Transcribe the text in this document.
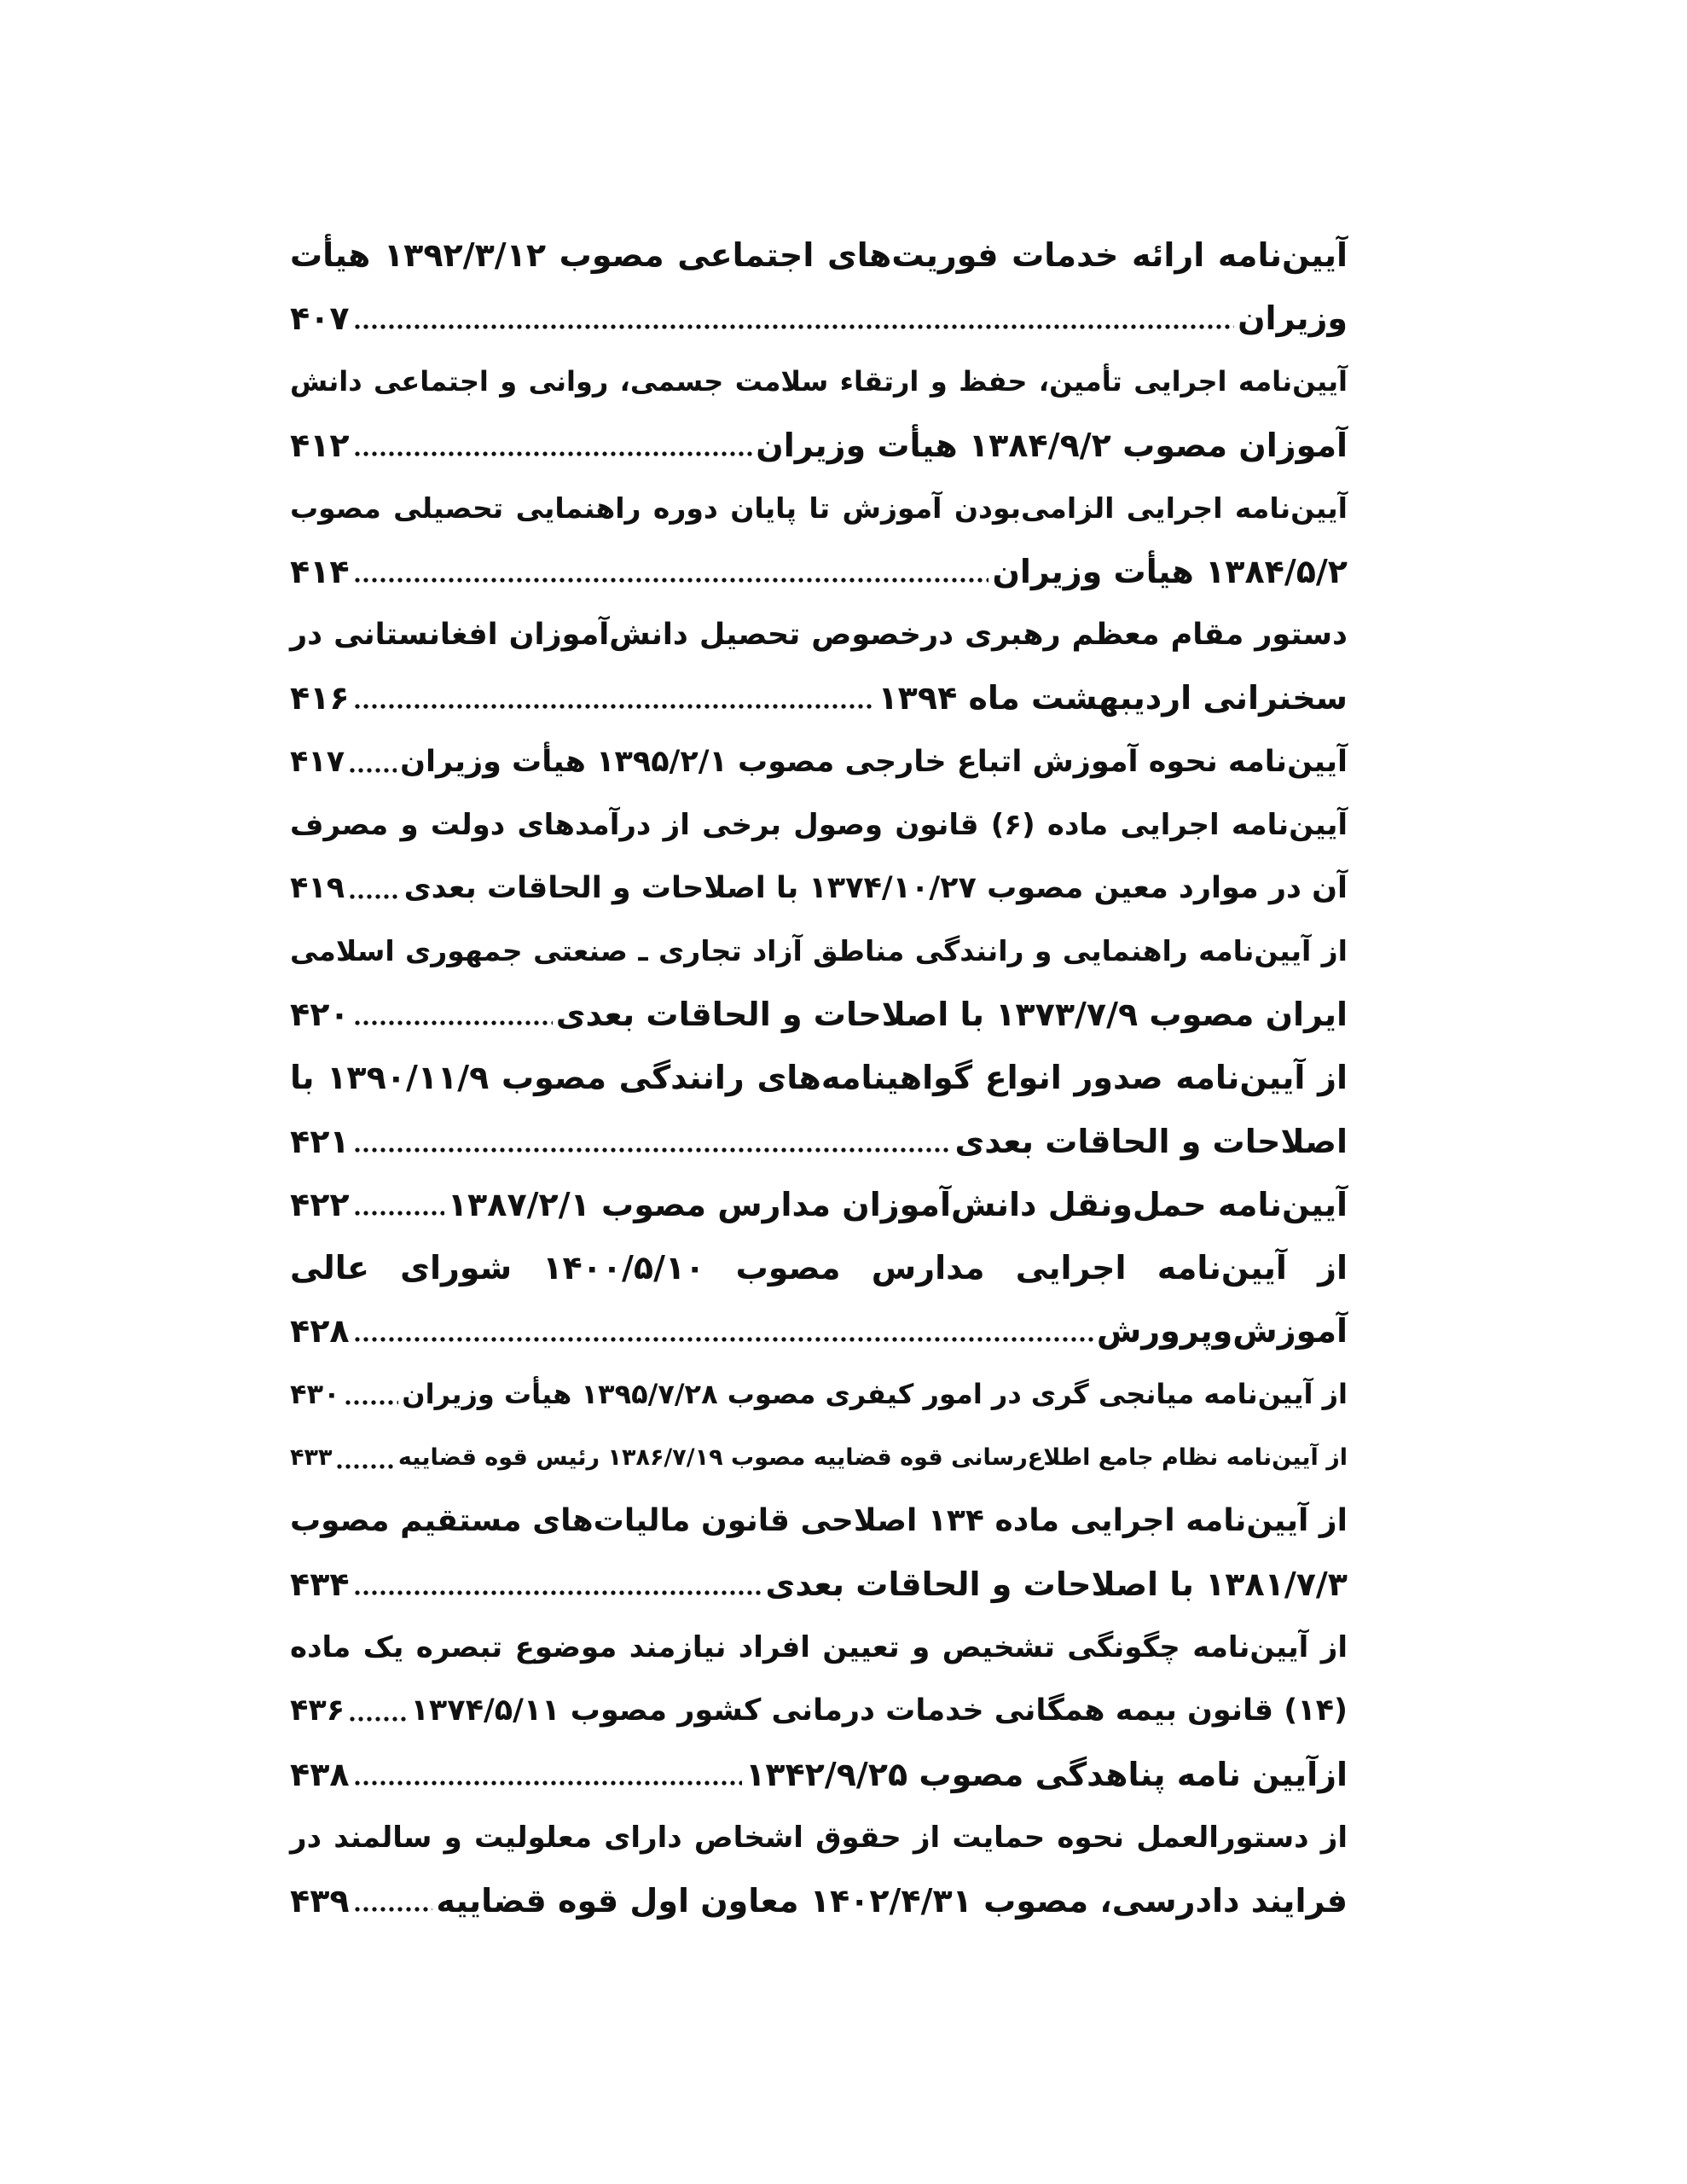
آیین‌نامه ارائه خدمات فوریت‌های اجتماعی مصوب ۱۳۹۲/۳/۱۲ هیأت
وزیران
۴۰۷
آیین‌نامه اجرایی تأمین، حفظ و ارتقاء سلامت جسمی، روانی و اجتماعی دانش
آموزان مصوب ۱۳۸۴/۹/۲ هیأت وزیران
۴۱۲
آیین‌نامه اجرایی الزامی‌بودن آموزش تا پایان دوره راهنمایی تحصیلی مصوب
۱۳۸۴/۵/۲ هیأت وزیران
۴۱۴
دستور مقام معظم رهبری درخصوص تحصیل دانش‌آموزان افغانستانی در
سخنرانی اردیبهشت ماه ۱۳۹۴
۴۱۶
آیین‌نامه نحوه آموزش اتباع خارجی مصوب ۱۳۹۵/۲/۱ هیأت وزیران
۴۱۷
آیین‌نامه اجرایی ماده (۶) قانون وصول برخی از درآمدهای دولت و مصرف
آن در موارد معین مصوب ۱۳۷۴/۱۰/۲۷ با اصلاحات و الحاقات بعدی
۴۱۹
از آیین‌نامه راهنمایی و رانندگی مناطق آزاد تجاری ـ صنعتی جمهوری اسلامی
ایران مصوب ۱۳۷۳/۷/۹ با اصلاحات و الحاقات بعدی
۴۲۰
از آیین‌نامه صدور انواع گواهینامه‌های رانندگی مصوب ۱۳۹۰/۱۱/۹ با
اصلاحات و الحاقات بعدی
۴۲۱
آیین‌نامه حمل‌ونقل دانش‌آموزان مدارس مصوب ۱۳۸۷/۲/۱
۴۲۲
از آیین‌نامه اجرایی مدارس مصوب ۱۴۰۰/۵/۱۰ شورای عالی
آموزش‌وپرورش
۴۲۸
از آیین‌نامه میانجی گری در امور کیفری مصوب ۱۳۹۵/۷/۲۸ هیأت وزیران
۴۳۰
از آیین‌نامه نظام جامع اطلاع‌رسانی قوه قضاییه مصوب ۱۳۸۶/۷/۱۹ رئیس قوه قضاییه
۴۳۳
از آیین‌نامه اجرایی ماده ۱۳۴ اصلاحی قانون مالیات‌های مستقیم مصوب
۱۳۸۱/۷/۳ با اصلاحات و الحاقات بعدی
۴۳۴
از آیین‌نامه چگونگی تشخیص و تعیین افراد نیازمند موضوع تبصره یک ماده
(۱۴) قانون بیمه همگانی خدمات درمانی کشور مصوب ۱۳۷۴/۵/۱۱
۴۳۶
ازآیین نامه پناهدگی مصوب ۱۳۴۲/۹/۲۵
۴۳۸
از دستورالعمل نحوه حمایت از حقوق اشخاص دارای معلولیت و سالمند در
فرایند دادرسی، مصوب ۱۴۰۲/۴/۳۱ معاون اول قوه قضاییه
۴۳۹
